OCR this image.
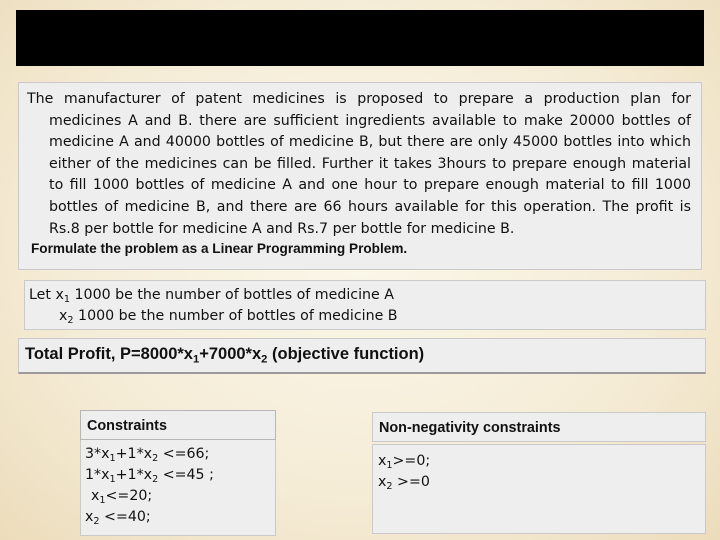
The manufacturer of patent medicines is proposed to prepare a production plan for medicines A and B. there are sufficient ingredients available to make 20000 bottles of medicine A and 40000 bottles of medicine B, but there are only 45000 bottles into which either of the medicines can be filled. Further it takes 3hours to prepare enough material to fill 1000 bottles of medicine A and one hour to prepare enough material to fill 1000 bottles of medicine B, and there are 66 hours available for this operation. The profit is Rs.8 per bottle for medicine A and Rs.7 per bottle for medicine B.

Formulate the problem as a Linear Programming Problem.
Let $x_1$ 1000 be the number of bottles of medicine A
$x_2$ 1000 be the number of bottles of medicine B
Total Profit, $P=8000*x_1+7000*x_2$ (objective function)
Constraints
$3*x_1+1*x_2 <=66$;
$1*x_1+1*x_2 <=45$ ;
$x_1<=20$;
$x_2 <=40$;
Non-negativity constraints
$x_1>=0$;
$x_2 >=0$
